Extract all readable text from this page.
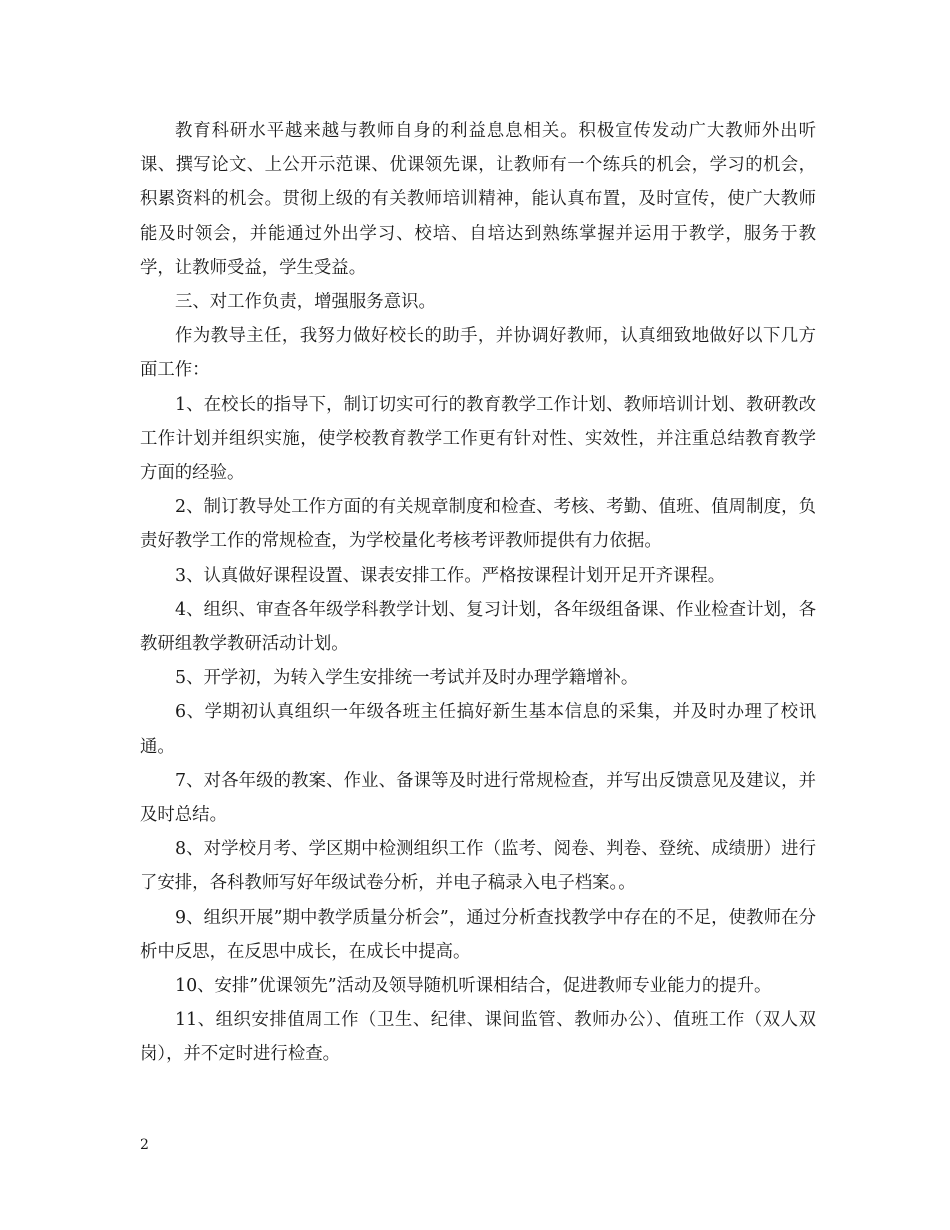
教育科研水平越来越与教师自身的利益息息相关。积极宣传发动广大教师外出听课、撰写论文、上公开示范课、优课领先课，让教师有一个练兵的机会，学习的机会，积累资料的机会。贯彻上级的有关教师培训精神，能认真布置，及时宣传，使广大教师能及时领会，并能通过外出学习、校培、自培达到熟练掌握并运用于教学，服务于教学，让教师受益，学生受益。

三、对工作负责，增强服务意识。

作为教导主任，我努力做好校长的助手，并协调好教师，认真细致地做好以下几方面工作：

1、在校长的指导下，制订切实可行的教育教学工作计划、教师培训计划、教研教改工作计划并组织实施，使学校教育教学工作更有针对性、实效性，并注重总结教育教学方面的经验。

2、制订教导处工作方面的有关规章制度和检查、考核、考勤、值班、值周制度，负责好教学工作的常规检查，为学校量化考核考评教师提供有力依据。

3、认真做好课程设置、课表安排工作。严格按课程计划开足开齐课程。

4、组织、审查各年级学科教学计划、复习计划，各年级组备课、作业检查计划，各教研组教学教研活动计划。

5、开学初，为转入学生安排统一考试并及时办理学籍增补。

6、学期初认真组织一年级各班主任搞好新生基本信息的采集，并及时办理了校讯通。

7、对各年级的教案、作业、备课等及时进行常规检查，并写出反馈意见及建议，并及时总结。

8、对学校月考、学区期中检测组织工作（监考、阅卷、判卷、登统、成绩册）进行了安排，各科教师写好年级试卷分析，并电子稿录入电子档案。。

9、组织开展”期中教学质量分析会”，通过分析查找教学中存在的不足，使教师在分析中反思，在反思中成长，在成长中提高。

10、安排”优课领先”活动及领导随机听课相结合，促进教师专业能力的提升。

11、组织安排值周工作（卫生、纪律、课间监管、教师办公）、值班工作（双人双岗），并不定时进行检查。

2
